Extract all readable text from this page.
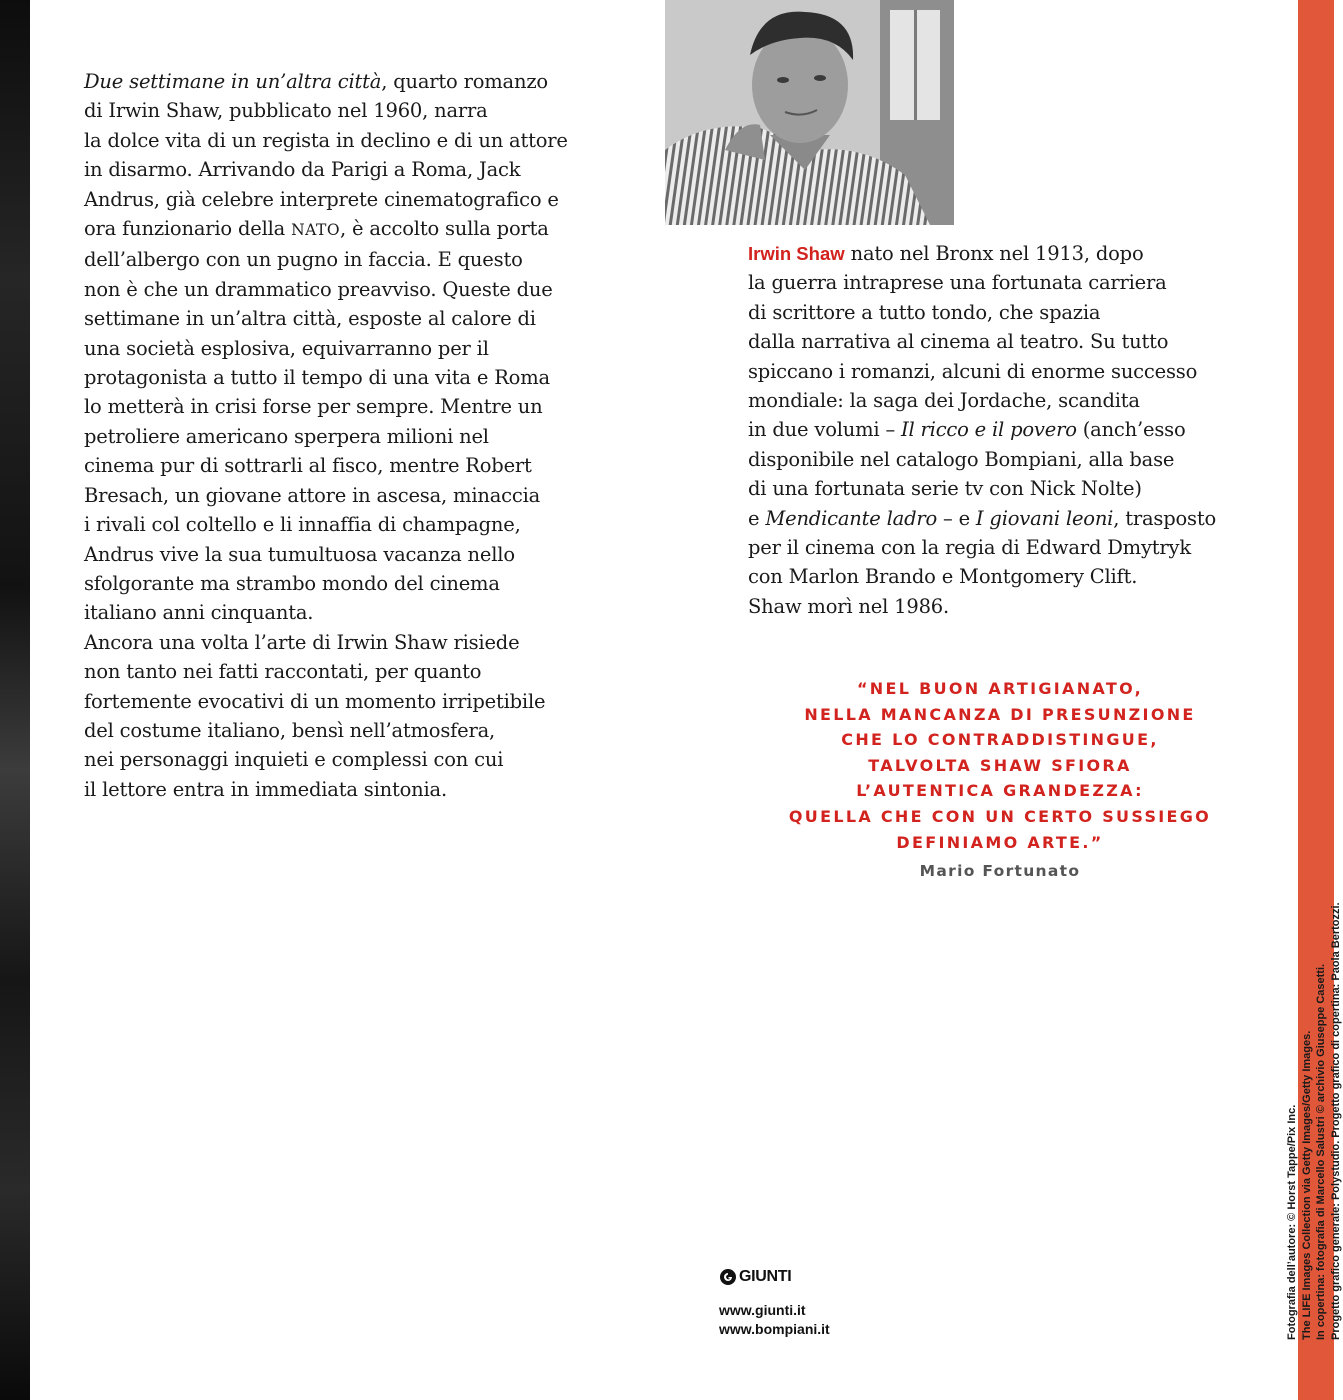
Due settimane in un’altra città, quarto romanzo

di Irwin Shaw, pubblicato nel 1960, narra

la dolce vita di un regista in declino e di un attore

in disarmo. Arrivando da Parigi a Roma, Jack

Andrus, già celebre interprete cinematografico e

ora funzionario della NATO, è accolto sulla porta

dell’albergo con un pugno in faccia. E questo

non è che un drammatico preavviso. Queste due

settimane in un’altra città, esposte al calore di

una società esplosiva, equivarranno per il

protagonista a tutto il tempo di una vita e Roma

lo metterà in crisi forse per sempre. Mentre un

petroliere americano sperpera milioni nel

cinema pur di sottrarli al fisco, mentre Robert

Bresach, un giovane attore in ascesa, minaccia

i rivali col coltello e li innaffia di champagne,

Andrus vive la sua tumultuosa vacanza nello

sfolgorante ma strambo mondo del cinema

italiano anni cinquanta.

Ancora una volta l’arte di Irwin Shaw risiede

non tanto nei fatti raccontati, per quanto

fortemente evocativi di un momento irripetibile

del costume italiano, bensì nell’atmosfera,

nei personaggi inquieti e complessi con cui

il lettore entra in immediata sintonia.

Irwin Shaw nato nel Bronx nel 1913, dopo

la guerra intraprese una fortunata carriera

di scrittore a tutto tondo, che spazia

dalla narrativa al cinema al teatro. Su tutto

spiccano i romanzi, alcuni di enorme successo

mondiale: la saga dei Jordache, scandita

in due volumi – Il ricco e il povero (anch’esso

disponibile nel catalogo Bompiani, alla base

di una fortunata serie tv con Nick Nolte)

e Mendicante ladro – e I giovani leoni, trasposto

per il cinema con la regia di Edward Dmytryk

con Marlon Brando e Montgomery Clift.

Shaw morì nel 1986.

“NEL BUON ARTIGIANATO,
NELLA MANCANZA DI PRESUNZIONE
CHE LO CONTRADDISTINGUE,
TALVOLTA SHAW SFIORA
L’AUTENTICA GRANDEZZA:
QUELLA CHE CON UN CERTO SUSSIEGO
DEFINIAMO ARTE.”
Mario Fortunato
GIUNTI
www.giunti.it
www.bompiani.it	Fotografia dell’autore: © Horst Tappe/Pix Inc. The LIFE Images Collection via Getty Images/Getty Images. In copertina: fotografia di Marcello Salustri © archivio Giuseppe Casetti. Progetto grafico generale: Polystudio. Progetto grafico di copertina: Paola Bertozzi.
